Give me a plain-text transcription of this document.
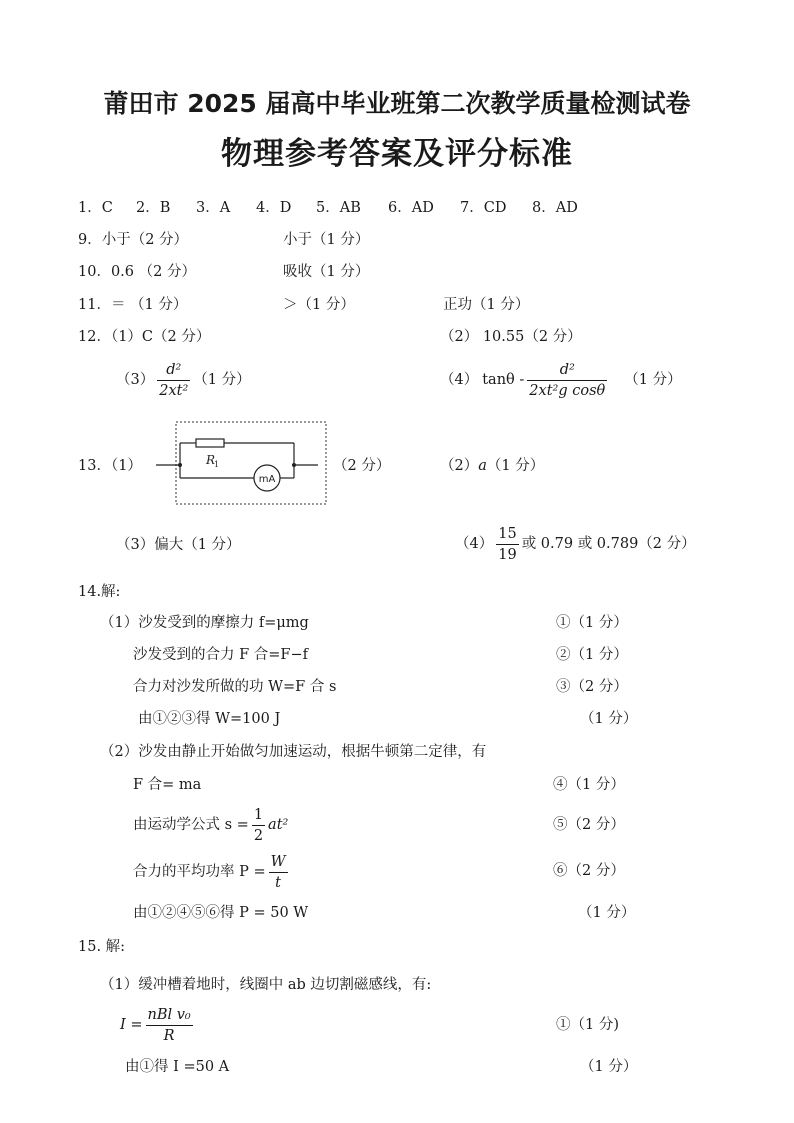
莆田市 2025 届高中毕业班第二次教学质量检测试卷
物理参考答案及评分标准
1．C 2．B 3．A 4．D 5．AB 6．AD 7．CD 8．AD
9．小于（2 分）	小于（1 分）
10．0.6 （2 分）	吸收（1 分）
11．＝ （1 分）	＞（1 分）	正功（1 分）
12．（1）C（2 分）	（2） 10.55（2 分）
$(3) \frac{\text{d²}}{\text{2xt²}} (1$ 分）	（4） tanθ - $\frac{\text{d²}}{\text{2xt²g cosθ}} (1$ 分）
13．（1）	R
1
mA
（2 分）	（2）a（1 分）
（3）偏大（1 分）	$(4) \frac{15}{19}$ 或 0.79 或 0.789（2 分）
14.解:
（1）沙发受到的摩擦力 f=μmg	①（1 分）
沙发受到的合力 F 合=F−f	②（1 分）
合力对沙发所做的功 W=F 合 s	③（2 分）
由①②③得 W=100 J	（1 分）
（2）沙发由静止开始做匀加速运动，根据牛顿第二定律，有
F 合= ma	④（1 分）
由运动学公式 $s = \frac{1}{2} at^2$	⑤（2 分）
合力的平均功率 $P = \frac{W}{t}$	⑥（2 分）
由①②④⑤⑥得 P = 50 W	（1 分）
15. 解:
（1）缓冲槽着地时，线圈中 ab 边切割磁感线，有:
$I = \frac{\text{nBl v₀}}{R}$	①（1 分)
由①得 I =50 A	（1 分）
